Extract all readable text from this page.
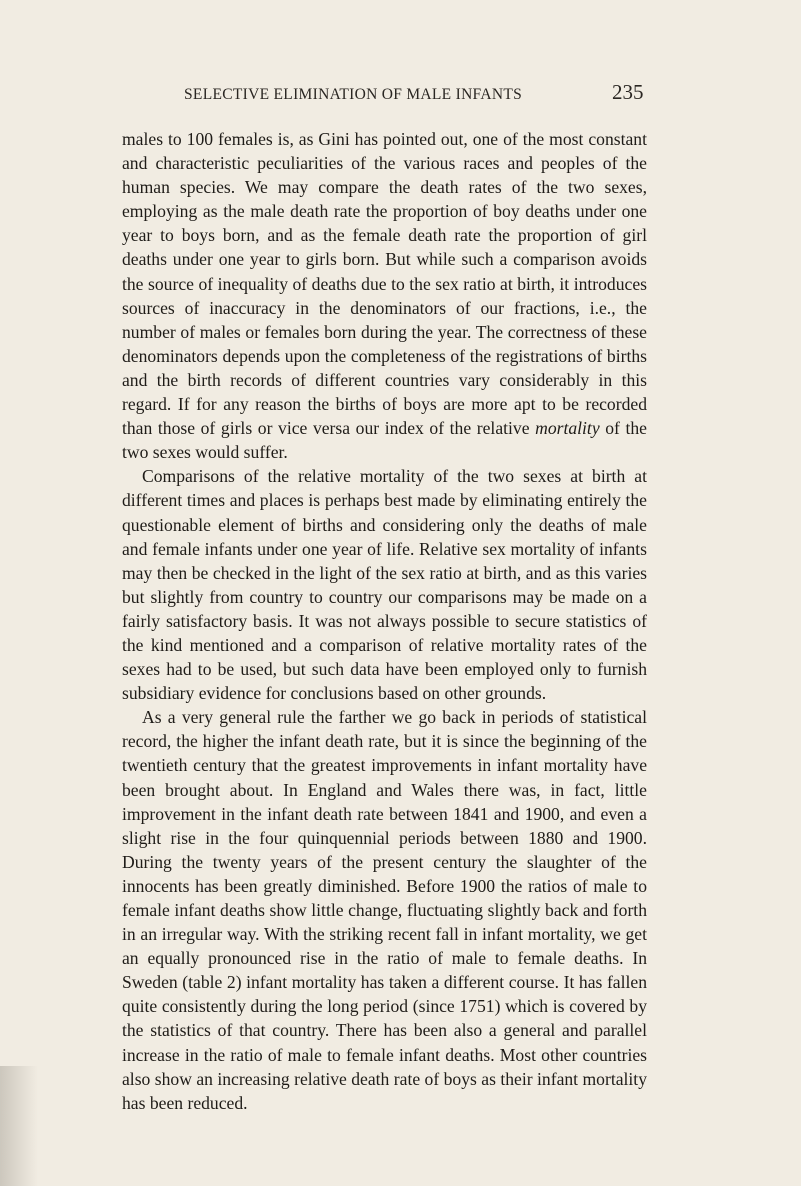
SELECTIVE ELIMINATION OF MALE INFANTS	235

males to 100 females is, as Gini has pointed out, one of the most constant and characteristic peculiarities of the various races and peoples of the human species. We may compare the death rates of the two sexes, employing as the male death rate the proportion of boy deaths under one year to boys born, and as the female death rate the proportion of girl deaths under one year to girls born. But while such a comparison avoids the source of inequality of deaths due to the sex ratio at birth, it introduces sources of inaccuracy in the denominators of our fractions, i.e., the number of males or females born during the year. The correctness of these denominators depends upon the completeness of the registrations of births and the birth records of different countries vary considerably in this regard. If for any reason the births of boys are more apt to be recorded than those of girls or vice versa our index of the relative mortality of the two sexes would suffer.

Comparisons of the relative mortality of the two sexes at birth at different times and places is perhaps best made by eliminating entirely the questionable element of births and considering only the deaths of male and female infants under one year of life. Relative sex mortality of infants may then be checked in the light of the sex ratio at birth, and as this varies but slightly from country to country our comparisons may be made on a fairly satisfactory basis. It was not always possible to secure statistics of the kind mentioned and a comparison of relative mortality rates of the sexes had to be used, but such data have been employed only to furnish subsidiary evidence for conclusions based on other grounds.

As a very general rule the farther we go back in periods of statistical record, the higher the infant death rate, but it is since the beginning of the twentieth century that the greatest improvements in infant mortality have been brought about. In England and Wales there was, in fact, little improvement in the infant death rate between 1841 and 1900, and even a slight rise in the four quinquennial periods between 1880 and 1900. During the twenty years of the present century the slaughter of the innocents has been greatly diminished. Before 1900 the ratios of male to female infant deaths show little change, fluctuating slightly back and forth in an irregular way. With the striking recent fall in infant mortality, we get an equally pronounced rise in the ratio of male to female deaths. In Sweden (table 2) infant mortality has taken a different course. It has fallen quite consistently during the long period (since 1751) which is covered by the statistics of that country. There has been also a general and parallel increase in the ratio of male to female infant deaths. Most other countries also show an increasing relative death rate of boys as their infant mortality has been reduced.
